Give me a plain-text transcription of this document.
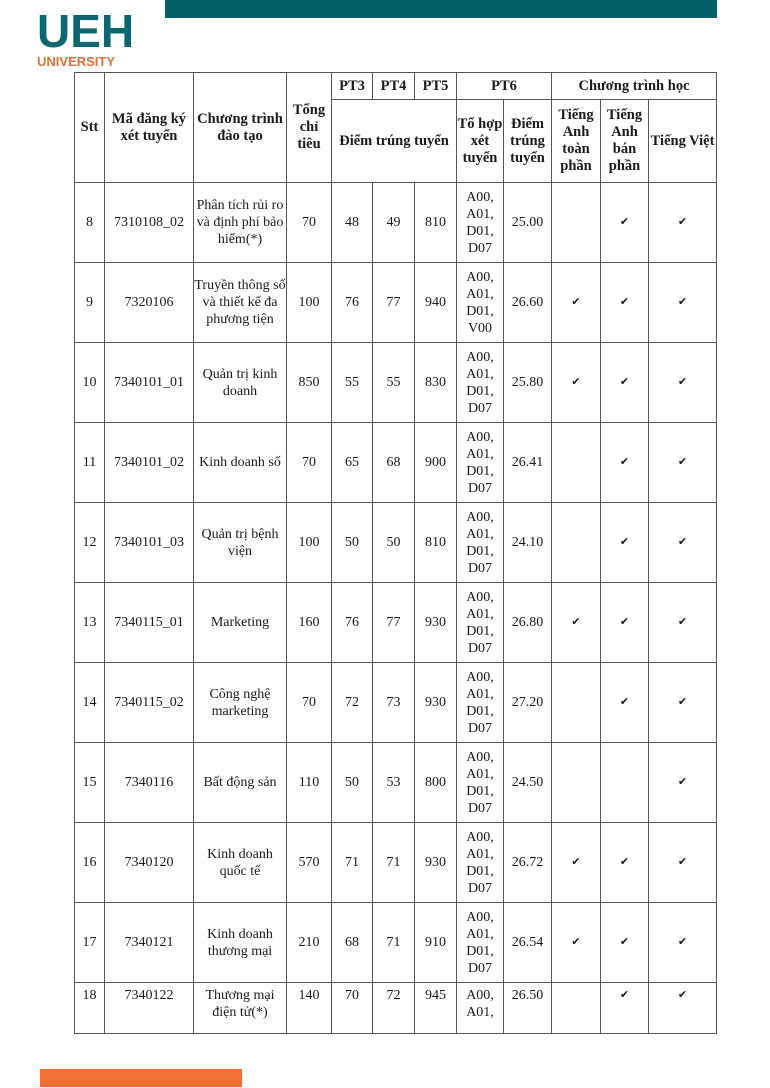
UEH
UNIVERSITY
Stt	Mã đăng ký xét tuyển	Chương trình đào tạo	Tổng chỉ tiêu	PT3	PT4	PT5	PT6		Chương trình học		
				Điểm trúng tuyển			Tổ hợp xét tuyển	Điểm trúng tuyển	Tiếng Anh toàn phần	Tiếng Anh bán phần	Tiếng Việt
8	7310108_02	Phân tích rủi ro và định phí bảo hiểm(*)	70	48	49	810	A00,
A01,
D01,
D07	25.00		✔	✔
9	7320106	Truyền thông số và thiết kế đa phương tiện	100	76	77	940	A00,
A01,
D01,
V00	26.60	✔	✔	✔
10	7340101_01	Quản trị kinh doanh	850	55	55	830	A00,
A01,
D01,
D07	25.80	✔	✔	✔
11	7340101_02	Kinh doanh số	70	65	68	900	A00,
A01,
D01,
D07	26.41		✔	✔
12	7340101_03	Quản trị bệnh viện	100	50	50	810	A00,
A01,
D01,
D07	24.10		✔	✔
13	7340115_01	Marketing	160	76	77	930	A00,
A01,
D01,
D07	26.80	✔	✔	✔
14	7340115_02	Công nghệ marketing	70	72	73	930	A00,
A01,
D01,
D07	27.20		✔	✔
15	7340116	Bất động sản	110	50	53	800	A00,
A01,
D01,
D07	24.50			✔
16	7340120	Kinh doanh quốc tế	570	71	71	930	A00,
A01,
D01,
D07	26.72	✔	✔	✔
17	7340121	Kinh doanh thương mại	210	68	71	910	A00,
A01,
D01,
D07	26.54	✔	✔	✔
18	7340122	Thương mại điện tử(*)	140	70	72	945	A00,
A01,	26.50		✔	✔
